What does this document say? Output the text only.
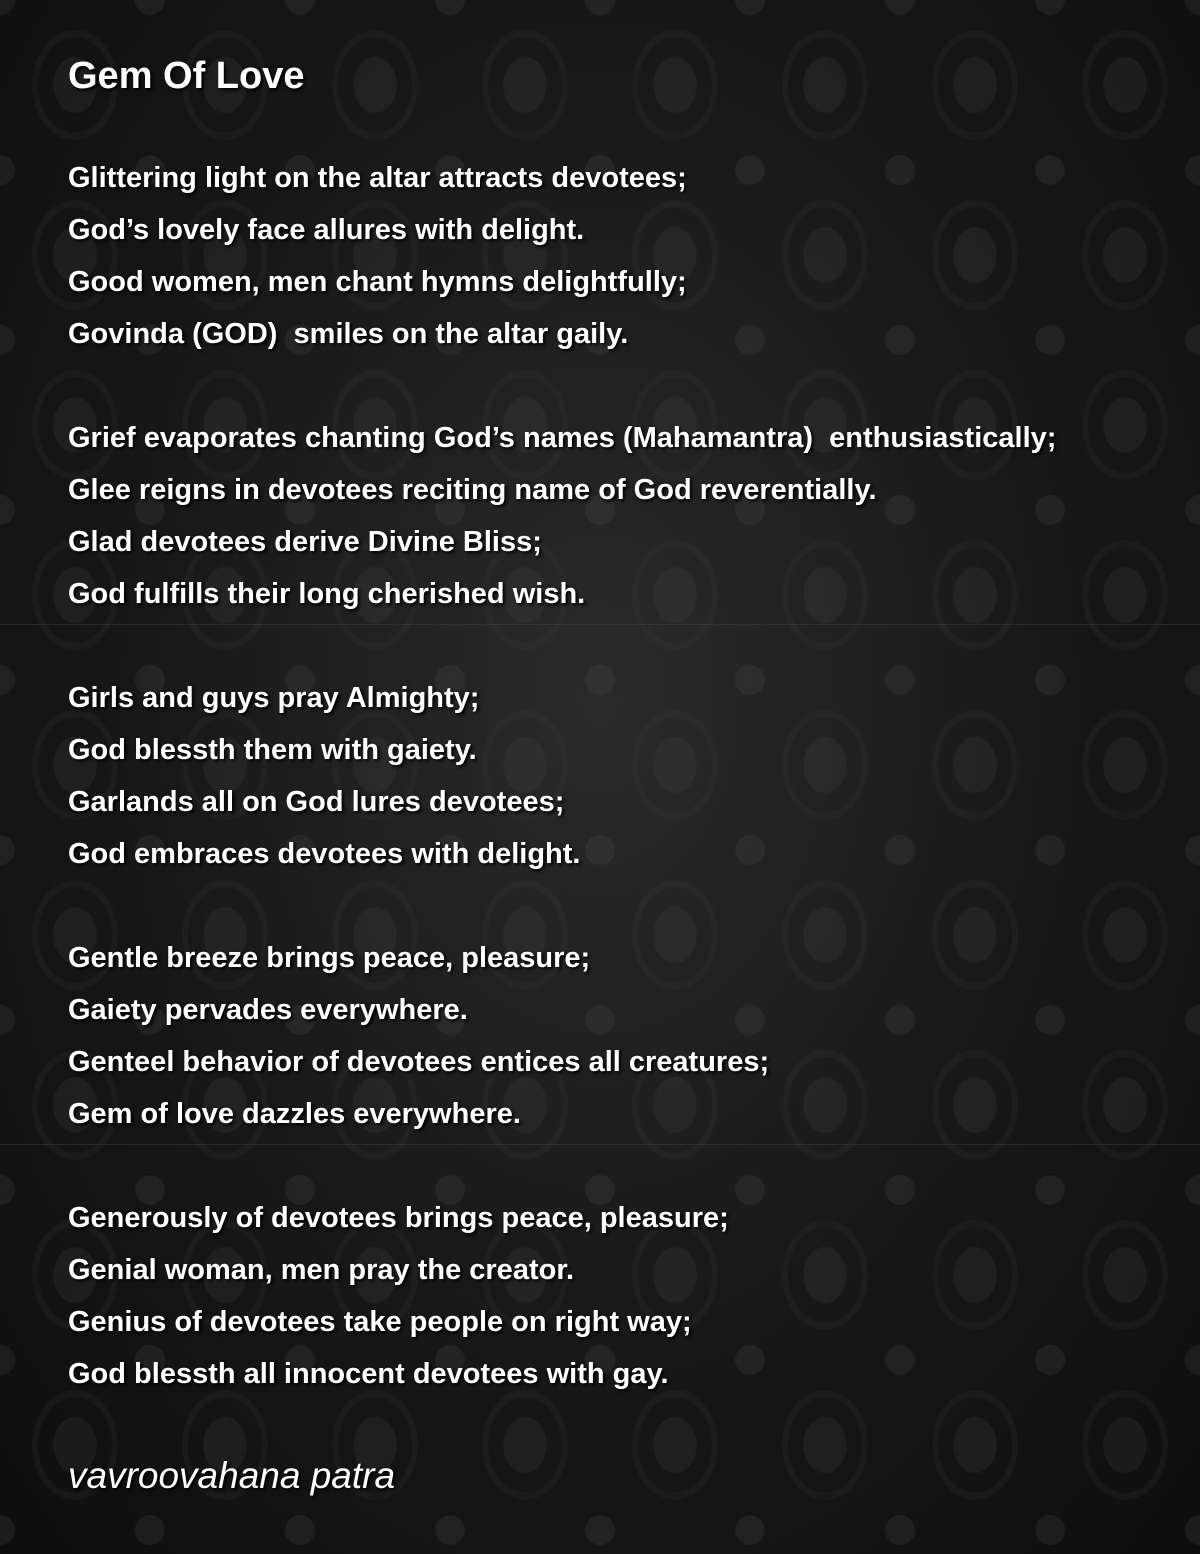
Gem Of Love
Glittering light on the altar attracts devotees;
God’s lovely face allures with delight.
Good women, men chant hymns delightfully;
Govinda (GOD)  smiles on the altar gaily.
Grief evaporates chanting God’s names (Mahamantra)  enthusiastically;
Glee reigns in devotees reciting name of God reverentially.
Glad devotees derive Divine Bliss;
God fulfills their long cherished wish.
Girls and guys pray Almighty;
God blessth them with gaiety.
Garlands all on God lures devotees;
God embraces devotees with delight.
Gentle breeze brings peace, pleasure;
Gaiety pervades everywhere.
Genteel behavior of devotees entices all creatures;
Gem of love dazzles everywhere.
Generously of devotees brings peace, pleasure;
Genial woman, men pray the creator.
Genius of devotees take people on right way;
God blessth all innocent devotees with gay.

vavroovahana patra
